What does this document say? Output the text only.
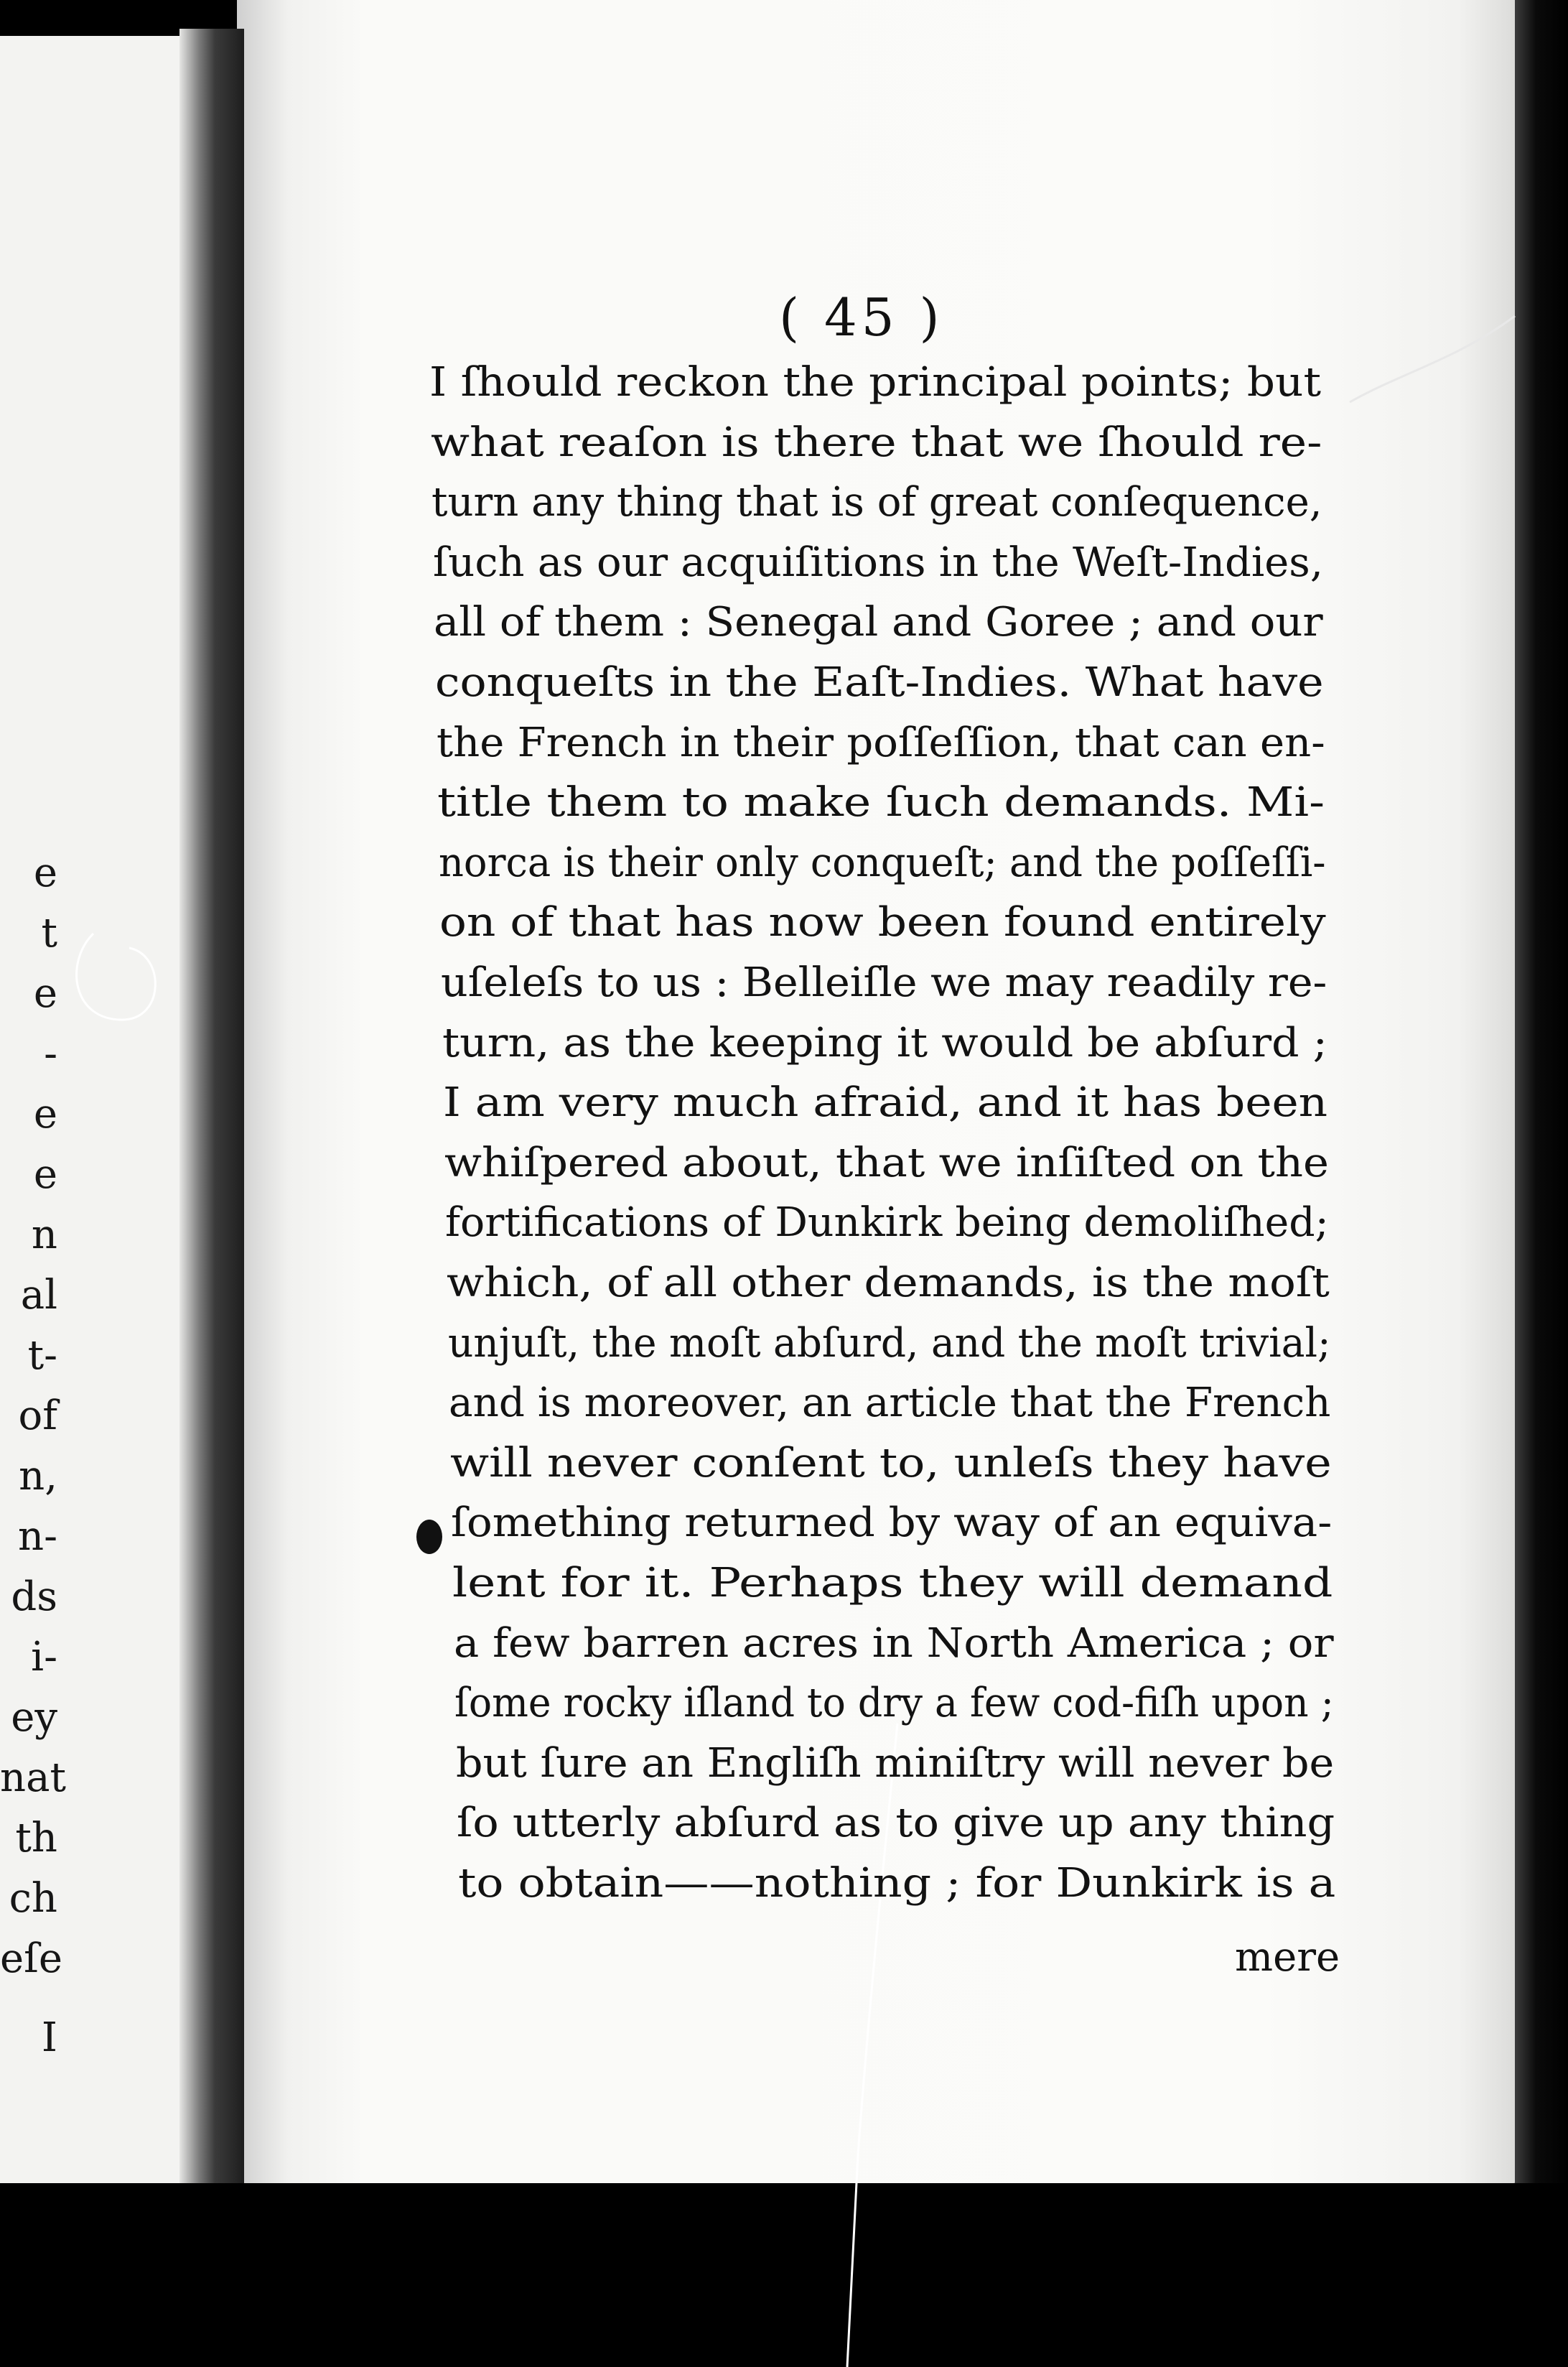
e
t
e
-
e
e
n
al
t-
of
n,
n-
ds
i-
ey
nat
th
ch
eſe
I
( 45 )
I ſhould reckon the principal points; but
what reaſon is there that we ſhould re-
turn any thing that is of great conſequence,
ſuch as our acquiſitions in the Weſt-Indies,
all of them : Senegal and Goree ; and our
conqueſts in the Eaſt-Indies. What have
the French in their poſſeſſion, that can en-
title them to make ſuch demands. Mi-
norca is their only conqueſt; and the poſſeſſi-
on of that has now been found entirely
uſeleſs to us : Belleiſle we may readily re-
turn, as the keeping it would be abſurd ;
I am very much afraid, and it has been
whiſpered about, that we inſiſted on the
fortifications of Dunkirk being demoliſhed;
which, of all other demands, is the moſt
unjuſt, the moſt abſurd, and the moſt trivial;
and is moreover, an article that the French
will never conſent to, unleſs they have
ſomething returned by way of an equiva-
lent for it. Perhaps they will demand
a few barren acres in North America ; or
ſome rocky iſland to dry a few cod-fiſh upon ;
but ſure an Engliſh miniſtry will never be
ſo utterly abſurd as to give up any thing
to obtain——nothing ; for Dunkirk is a
mere
